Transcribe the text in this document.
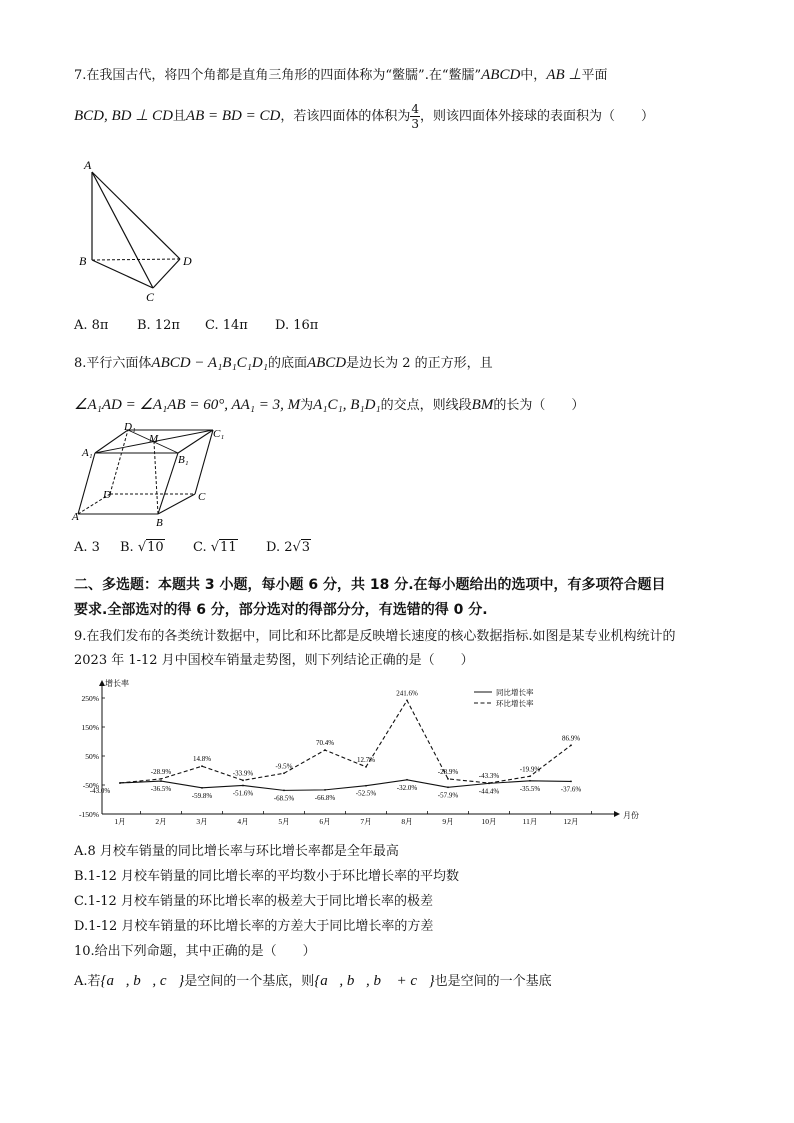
7.在我国古代，将四个角都是直角三角形的四面体称为“鳖臑”.在“鳖臑”ABCD中，AB ⊥平面
BCD, BD ⊥ CD且AB = BD = CD，若该四面体的体积为 $\frac{4}{3}$ ，则该四面体外接球的表面积为（　　）
A
B
C
D
A. 8π B. 12π C. 14π D. 16π
8.平行六面体ABCD − A₁B₁C₁D₁的底面ABCD是边长为 2 的正方形，且
∠A₁AD = ∠A₁AB = 60°, AA₁ = 3, M为A₁C₁, B₁D₁的交点，则线段BM的长为（　　）
D₁
M	C₁
A₁
B₁
D	C
A	B
A. 3 B. √10 C. √11 D. 2√3
二、多选题：本题共 3 小题，每小题 6 分，共 18 分.在每小题给出的选项中，有多项符合题目
要求.全部选对的得 6 分，部分选对的得部分分，有选错的得 0 分.
9.在我们发布的各类统计数据中，同比和环比都是反映增长速度的核心数据指标.如图是某专业机构统计的
2023 年 1-12 月中国校车销量走势图，则下列结论正确的是（　　）
增长率
月份
250%
150%
50%
-50%
-150%
1月	2月	3月	4月	5月	6月	7月	8月	9月	10月	11月	12月
-43.0%	-36.5%
-59.8%	-51.6%
-68.5%	-66.8%
-52.5%
-32.0%
-57.9%	-44.4%	-35.5%	-37.6%
-28.9%
14.8%
-33.9%
-9.5%
70.4%
12.7%
241.6%
-28.9%
-43.3%
-19.9%
86.9%
同比增长率
环比增长率
A.8 月校车销量的同比增长率与环比增长率都是全年最高
B.1-12 月校车销量的同比增长率的平均数小于环比增长率的平均数
C.1-12 月校车销量的环比增长率的极差大于同比增长率的极差
D.1-12 月校车销量的环比增长率的方差大于同比增长率的方差
10.给出下列命题，其中正确的是（　　）
A.若{a⃗, b⃗, c⃗}是空间的一个基底，则{a⃗, b⃗, b⃗ + c⃗}也是空间的一个基底
